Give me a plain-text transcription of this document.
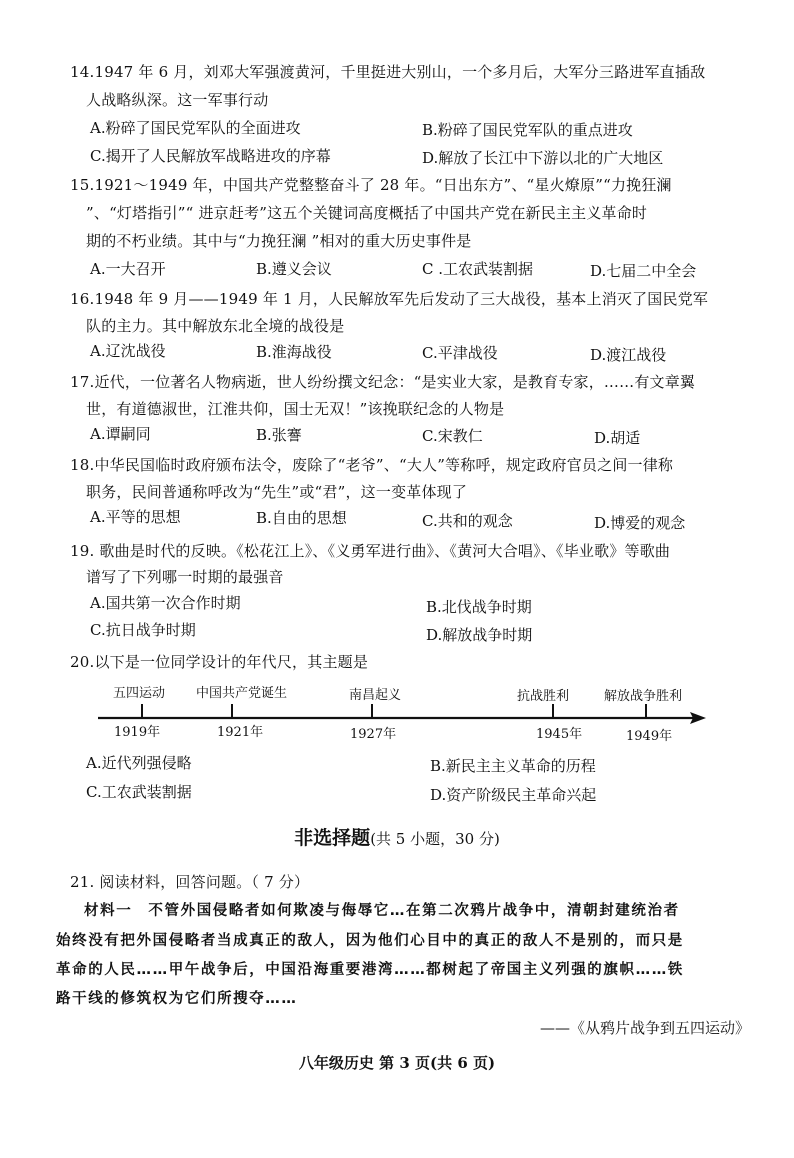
14.1947 年 6 月，刘邓大军强渡黄河，千里挺进大别山，一个多月后，大军分三路进军直插敌
人战略纵深。这一军事行动
A.粉碎了国民党军队的全面进攻	B.粉碎了国民党军队的重点进攻
C.揭开了人民解放军战略进攻的序幕	D.解放了长江中下游以北的广大地区
15.1921～1949 年，中国共产党整整奋斗了 28 年。“日出东方”、“星火燎原”“力挽狂澜
”、“灯塔指引”“ 进京赶考”这五个关键词高度概括了中国共产党在新民主主义革命时
期的不朽业绩。其中与“力挽狂澜 ”相对的重大历史事件是
A.一大召开	B.遵义会议	C .工农武装割据	D.七届二中全会
16.1948 年 9 月——1949 年 1 月，人民解放军先后发动了三大战役，基本上消灭了国民党军
队的主力。其中解放东北全境的战役是
A.辽沈战役	B.淮海战役	C.平津战役	D.渡江战役
17.近代，一位著名人物病逝，世人纷纷撰文纪念：“是实业大家，是教育专家，……有文章翼
世，有道德淑世，江淮共仰，国士无双！”该挽联纪念的人物是
A.谭嗣同	B.张謇	C.宋教仁	D.胡适
18.中华民国临时政府颁布法令，废除了“老爷”、“大人”等称呼，规定政府官员之间一律称
职务，民间普通称呼改为“先生”或“君”，这一变革体现了
A.平等的思想	B.自由的思想	C.共和的观念	D.博爱的观念
19. 歌曲是时代的反映。《松花江上》、《义勇军进行曲》、《黄河大合唱》、《毕业歌》等歌曲
谱写了下列哪一时期的最强音
A.国共第一次合作时期	B.北伐战争时期
C.抗日战争时期	D.解放战争时期
20.以下是一位同学设计的年代尺，其主题是
五四运动 中国共产党诞生	南昌起义	抗战胜利	解放战争胜利
1919年	1921年	1927年	1945年	1949年
A.近代列强侵略	B.新民主主义革命的历程
C.工农武装割据	D.资产阶级民主革命兴起
非选择题(共 5 小题，30 分)
21. 阅读材料，回答问题。（ 7 分）
材料一　不管外国侵略者如何欺凌与侮辱它…在第二次鸦片战争中，清朝封建统治者
始终没有把外国侵略者当成真正的敌人，因为他们心目中的真正的敌人不是别的，而只是
革命的人民……甲午战争后，中国沿海重要港湾……都树起了帝国主义列强的旗帜……铁
路干线的修筑权为它们所搜夺……
——《从鸦片战争到五四运动》
八年级历史 第 3 页(共 6 页)
